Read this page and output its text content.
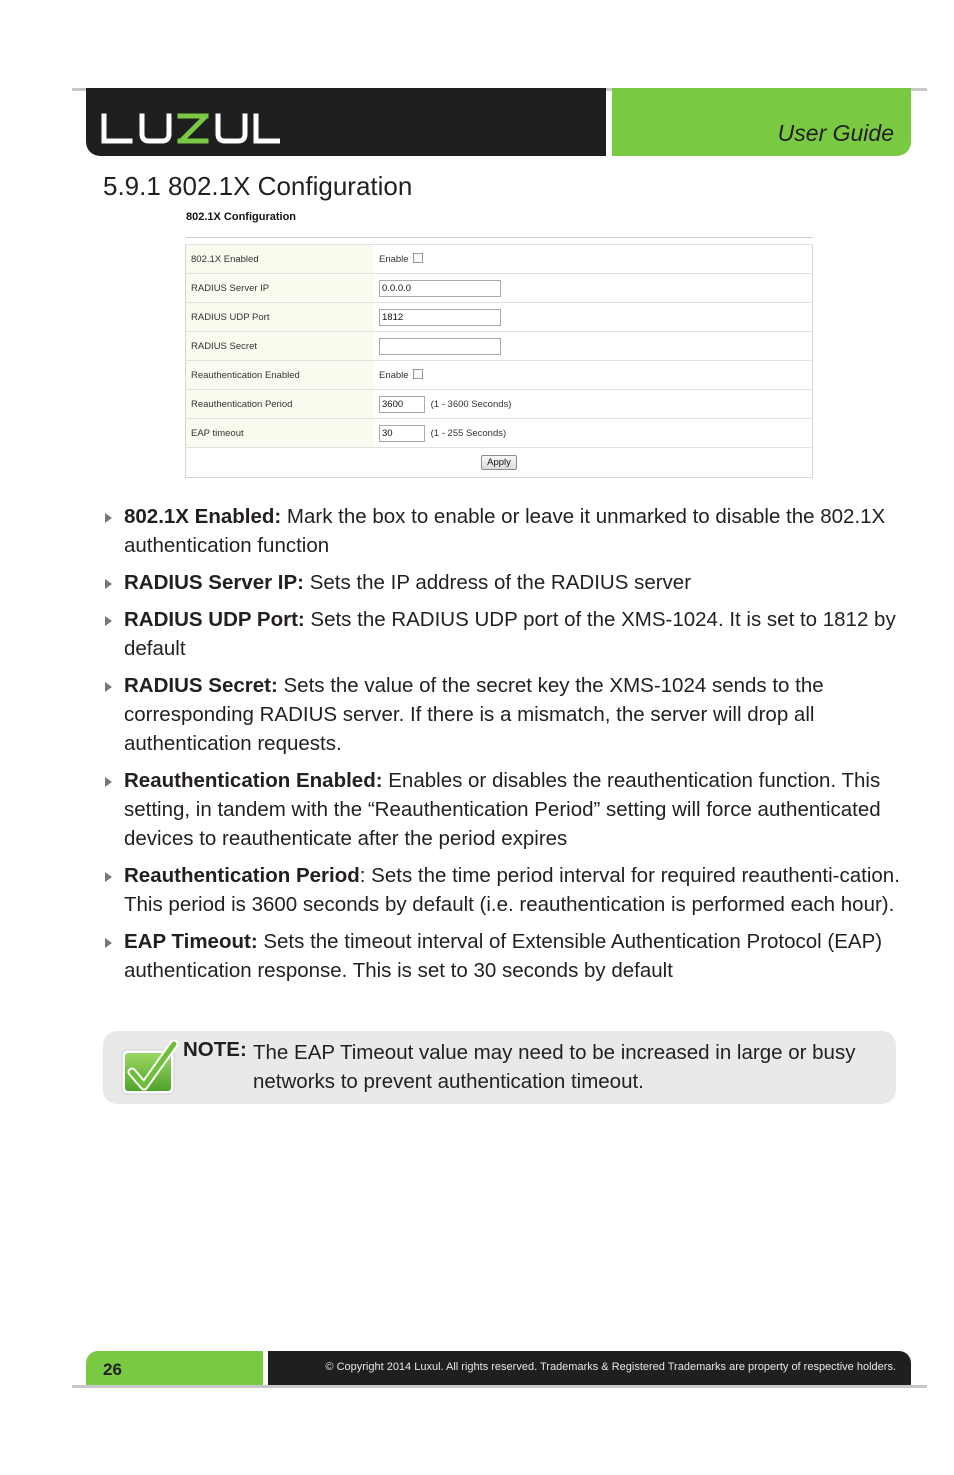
User Guide
5.9.1 802.1X Configuration
802.1X Configuration
802.1X Enabled	Enable
RADIUS Server IP	0.0.0.0
RADIUS UDP Port	1812
RADIUS Secret	
Reauthentication Enabled	Enable
Reauthentication Period	3600 (1 - 3600 Seconds)
EAP timeout	30 (1 - 255 Seconds)
Apply	
802.1X Enabled: Mark the box to enable or leave it unmarked to disable the 802.1X authentication function
RADIUS Server IP: Sets the IP address of the RADIUS server
RADIUS UDP Port: Sets the RADIUS UDP port of the XMS-1024. It is set to 1812 by default
RADIUS Secret: Sets the value of the secret key the XMS-1024 sends to the corresponding RADIUS server. If there is a mismatch, the server will drop all authentication requests.
Reauthentication Enabled: Enables or disables the reauthentication function. This setting, in tandem with the “Reauthentication Period” setting will force authenticated devices to reauthenticate after the period expires
Reauthentication Period: Sets the time period interval for required reauthenti-cation. This period is 3600 seconds by default (i.e. reauthentication is performed each hour).
EAP Timeout: Sets the timeout interval of Extensible Authentication Protocol (EAP) authentication response. This is set to 30 seconds by default
NOTE: The EAP Timeout value may need to be increased in large or busy networks to prevent authentication timeout.
26	© Copyright 2014 Luxul. All rights reserved. Trademarks & Registered Trademarks are property of respective holders.
